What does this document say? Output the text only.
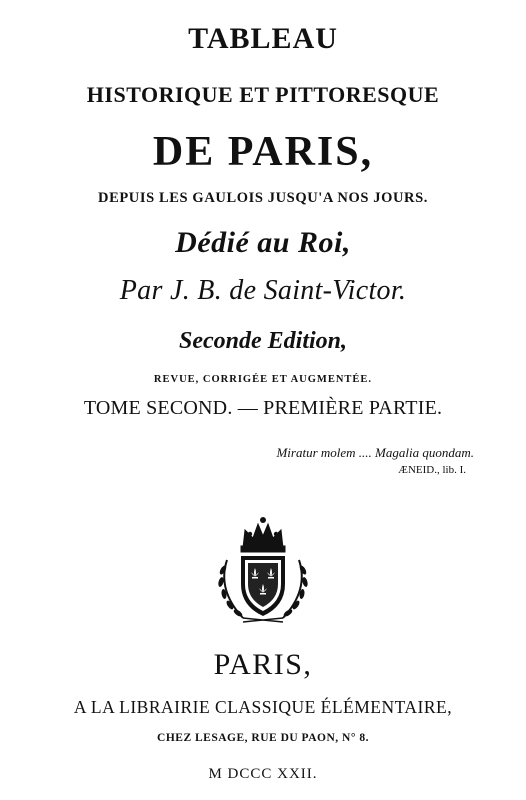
TABLEAU
HISTORIQUE ET PITTORESQUE
DE PARIS,
DEPUIS LES GAULOIS JUSQU'A NOS JOURS.
Dédié au Roi,
Par J. B. de Saint-Victor.
Seconde Edition,
REVUE, CORRIGÉE ET AUGMENTÉE.
TOME SECOND. — PREMIÈRE PARTIE.
Miratur molem .... Magalia quondam.
ÆNEID., lib. I.
PARIS,
A LA LIBRAIRIE CLASSIQUE ÉLÉMENTAIRE,
CHEZ LESAGE, RUE DU PAON, N° 8.
M DCCC XXII.
